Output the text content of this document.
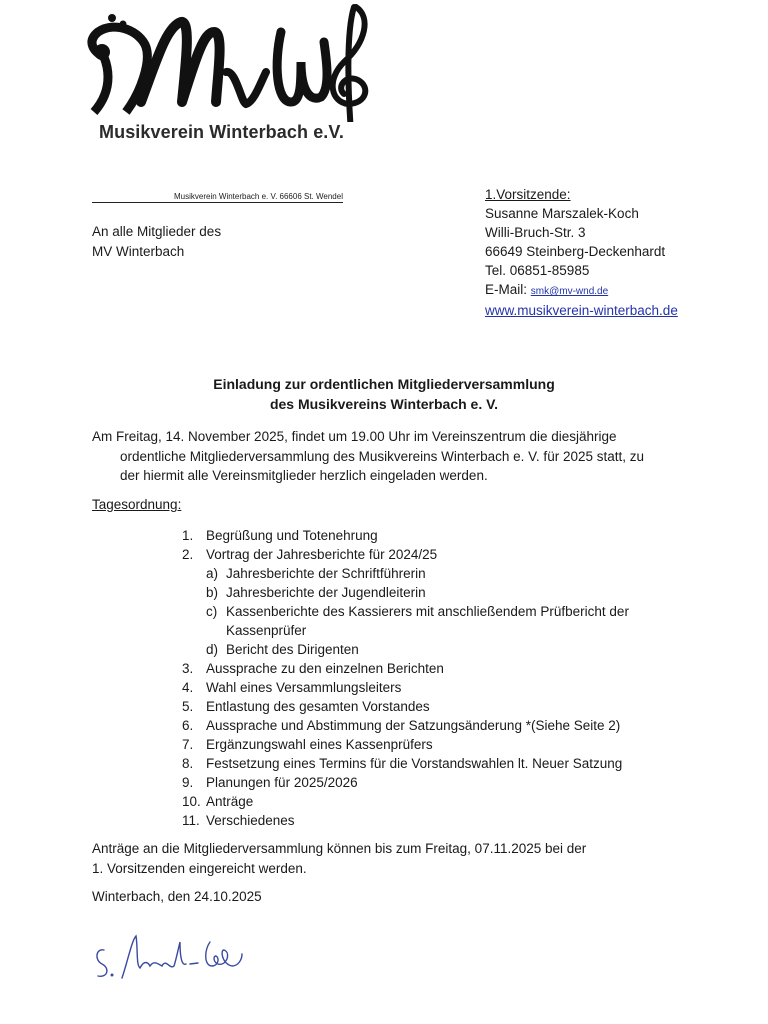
Musikverein Winterbach e.V.
Musikverein Winterbach e. V. 66606 St. Wendel
An alle Mitglieder des
MV Winterbach
1.Vorsitzende:
Susanne Marszalek-Koch
Willi-Bruch-Str. 3
66649 Steinberg-Deckenhardt
Tel. 06851-85985
E-Mail: smk@mv-wnd.de
www.musikverein-winterbach.de
Einladung zur ordentlichen Mitgliederversammlung
des Musikvereins Winterbach e. V.
Am Freitag, 14. November 2025, findet um 19.00 Uhr im Vereinszentrum die diesjährige
ordentliche Mitgliederversammlung des Musikvereins Winterbach e. V. für 2025 statt, zu
der hiermit alle Vereinsmitglieder herzlich eingeladen werden.
Tagesordnung:
1. Begrüßung und Totenehrung
2. Vortrag der Jahresberichte für 2024/25
a) Jahresberichte der Schriftführerin
b) Jahresberichte der Jugendleiterin
c) Kassenberichte des Kassierers mit anschließendem Prüfbericht der
Kassenprüfer
d) Bericht des Dirigenten
3. Aussprache zu den einzelnen Berichten
4. Wahl eines Versammlungsleiters
5. Entlastung des gesamten Vorstandes
6. Aussprache und Abstimmung der Satzungsänderung *(Siehe Seite 2)
7. Ergänzungswahl eines Kassenprüfers
8. Festsetzung eines Termins für die Vorstandswahlen lt. Neuer Satzung
9. Planungen für 2025/2026
10. Anträge
11. Verschiedenes
Anträge an die Mitgliederversammlung können bis zum Freitag, 07.11.2025 bei der
1. Vorsitzenden eingereicht werden.
Winterbach, den 24.10.2025
